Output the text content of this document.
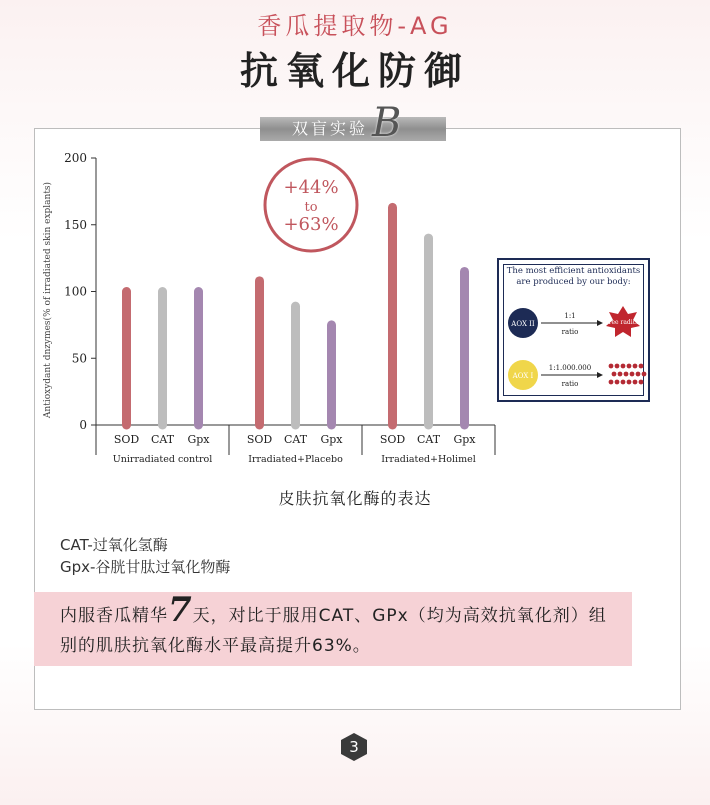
香瓜提取物-AG
抗氧化防御
双盲实验 B
0
50
100
150
200
SOD CAT Gpx
Unirradiated control
SOD CAT Gpx
Irradiated+Placebo
SOD CAT Gpx
Irradiated+Holimel
Antioxydant dnzymes(% of irradiated skin explants)	+44%
to
+63%
The most efficient antioxidants are produced by our body:
AOX II
1:1
ratio
Free radical
AOX I
1:1.000.000
ratio
皮肤抗氧化酶的表达
CAT-过氧化氢酶
Gpx-谷胱甘肽过氧化物酶
内服香瓜精华7天，对比于服用CAT、GPx（均为高效抗氧化剂）组别的肌肤抗氧化酶水平最高提升63%。
3
